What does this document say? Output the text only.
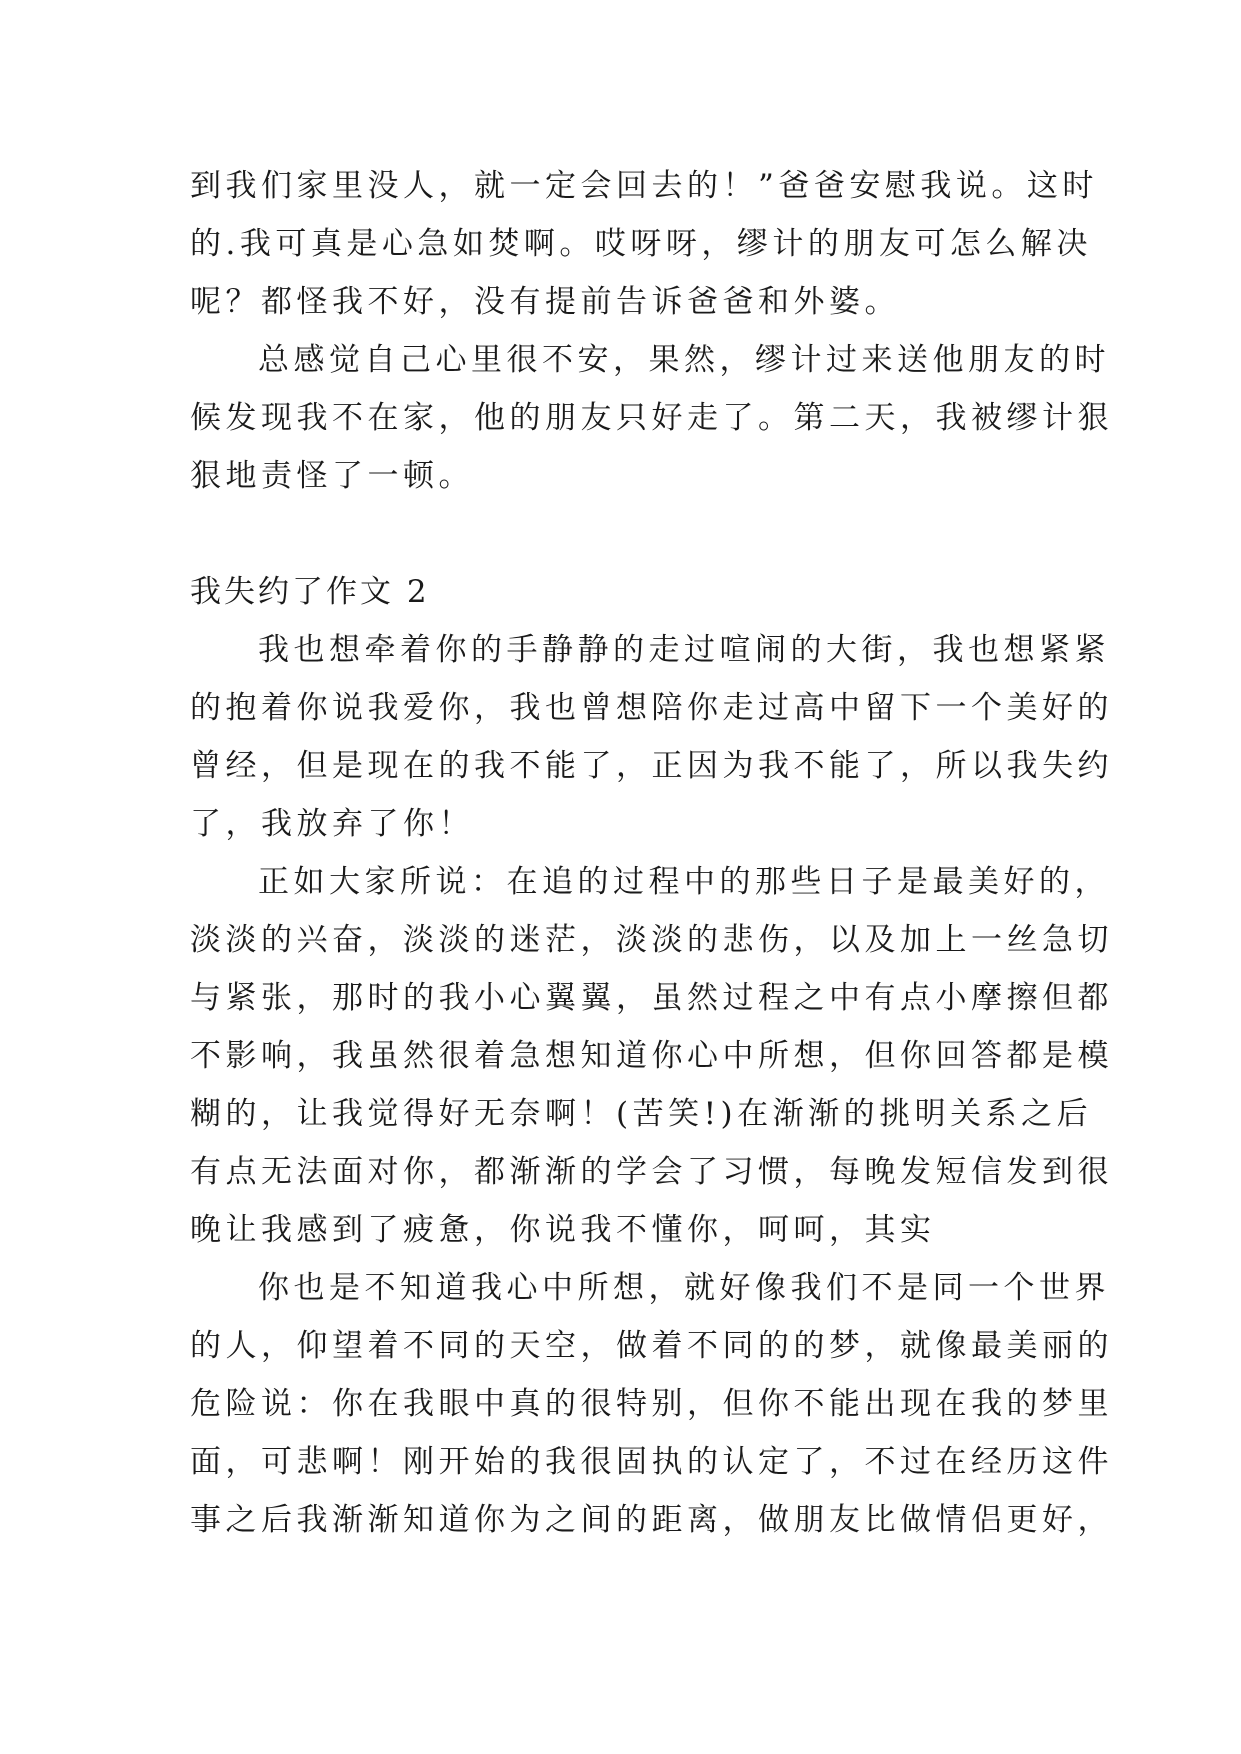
到我们家里没人，就一定会回去的！”爸爸安慰我说。这时
的.我可真是心急如焚啊。哎呀呀，缪计的朋友可怎么解决
呢？都怪我不好，没有提前告诉爸爸和外婆。
总感觉自己心里很不安，果然，缪计过来送他朋友的时
候发现我不在家，他的朋友只好走了。第二天，我被缪计狠
狠地责怪了一顿。
我失约了作文 2
我也想牵着你的手静静的走过喧闹的大街，我也想紧紧
的抱着你说我爱你，我也曾想陪你走过高中留下一个美好的
曾经，但是现在的我不能了，正因为我不能了，所以我失约
了，我放弃了你！
正如大家所说：在追的过程中的那些日子是最美好的，
淡淡的兴奋，淡淡的迷茫，淡淡的悲伤，以及加上一丝急切
与紧张，那时的我小心翼翼，虽然过程之中有点小摩擦但都
不影响，我虽然很着急想知道你心中所想，但你回答都是模
糊的，让我觉得好无奈啊！(苦笑!)在渐渐的挑明关系之后
有点无法面对你，都渐渐的学会了习惯，每晚发短信发到很
晚让我感到了疲惫，你说我不懂你，呵呵，其实
你也是不知道我心中所想，就好像我们不是同一个世界
的人，仰望着不同的天空，做着不同的的梦，就像最美丽的
危险说：你在我眼中真的很特别，但你不能出现在我的梦里
面，可悲啊！刚开始的我很固执的认定了，不过在经历这件
事之后我渐渐知道你为之间的距离，做朋友比做情侣更好，
